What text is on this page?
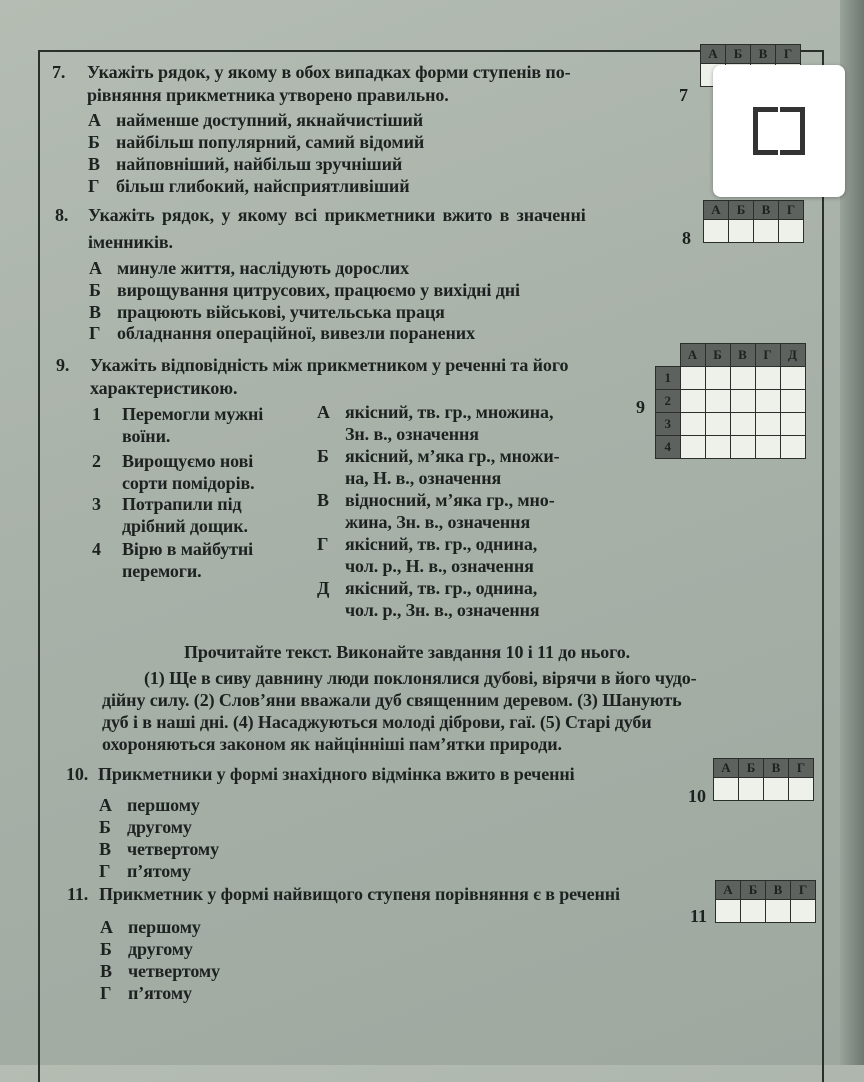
7. Укажіть рядок, у якому в обох випадках форми ступенів по-
рівняння прикметника утворено правильно.
А найменше доступний, якнайчистіший
Б найбільш популярний, самий відомий
В найповніший, найбільш зручніший
Г більш глибокий, найсприятливіший
А минуле життя, наслідують дорослих
Б вирощування цитрусових, працюємо у вихідні дні
В працюють військові, учительська праця
Г обладнання операційної, вивезли поранених
7
А	Б	В	Г

8. Укажіть рядок, у якому всі прикметники вжито в значенні
іменників.	8
А	Б	В	Г

9. Укажіть відповідність між прикметником у реченні та його
характеристикою.
9
	А	Б	В	Г	Д
1					
2					
3					
4					
1 Перемогли мужні
воїни.
2 Вирощуємо нові
сорти помідорів.
3 Потрапили під
дрібний дощик.
4 Вірю в майбутні
перемоги.
А якісний, тв. гр., множина,
Зн. в., означення
Б якісний, м’яка гр., множи-
на, Н. в., означення
В відносний, м’яка гр., мно-
жина, Зн. в., означення
Г якісний, тв. гр., однина,
чол. р., Н. в., означення
Д якісний, тв. гр., однина,
чол. р., Зн. в., означення
Прочитайте текст. Виконайте завдання 10 і 11 до нього.
(1) Ще в сиву давнину люди поклонялися дубові, вірячи в його чудо-
дійну силу. (2) Слов’яни вважали дуб священним деревом. (3) Шанують
дуб і в наші дні. (4) Насаджуються молоді діброви, гаї. (5) Старі дуби
охороняються законом як найцінніші пам’ятки природи.
10. Прикметники у формі знахідного відмінка вжито в реченні
10
А	Б	В	Г

11. Прикметник у формі найвищого ступеня порівняння є в реченні
11
А	Б	В	Г

А першому
Б другому
В четвертому
Г п’ятому
А першому
Б другому
В четвертому
Г п’ятому
